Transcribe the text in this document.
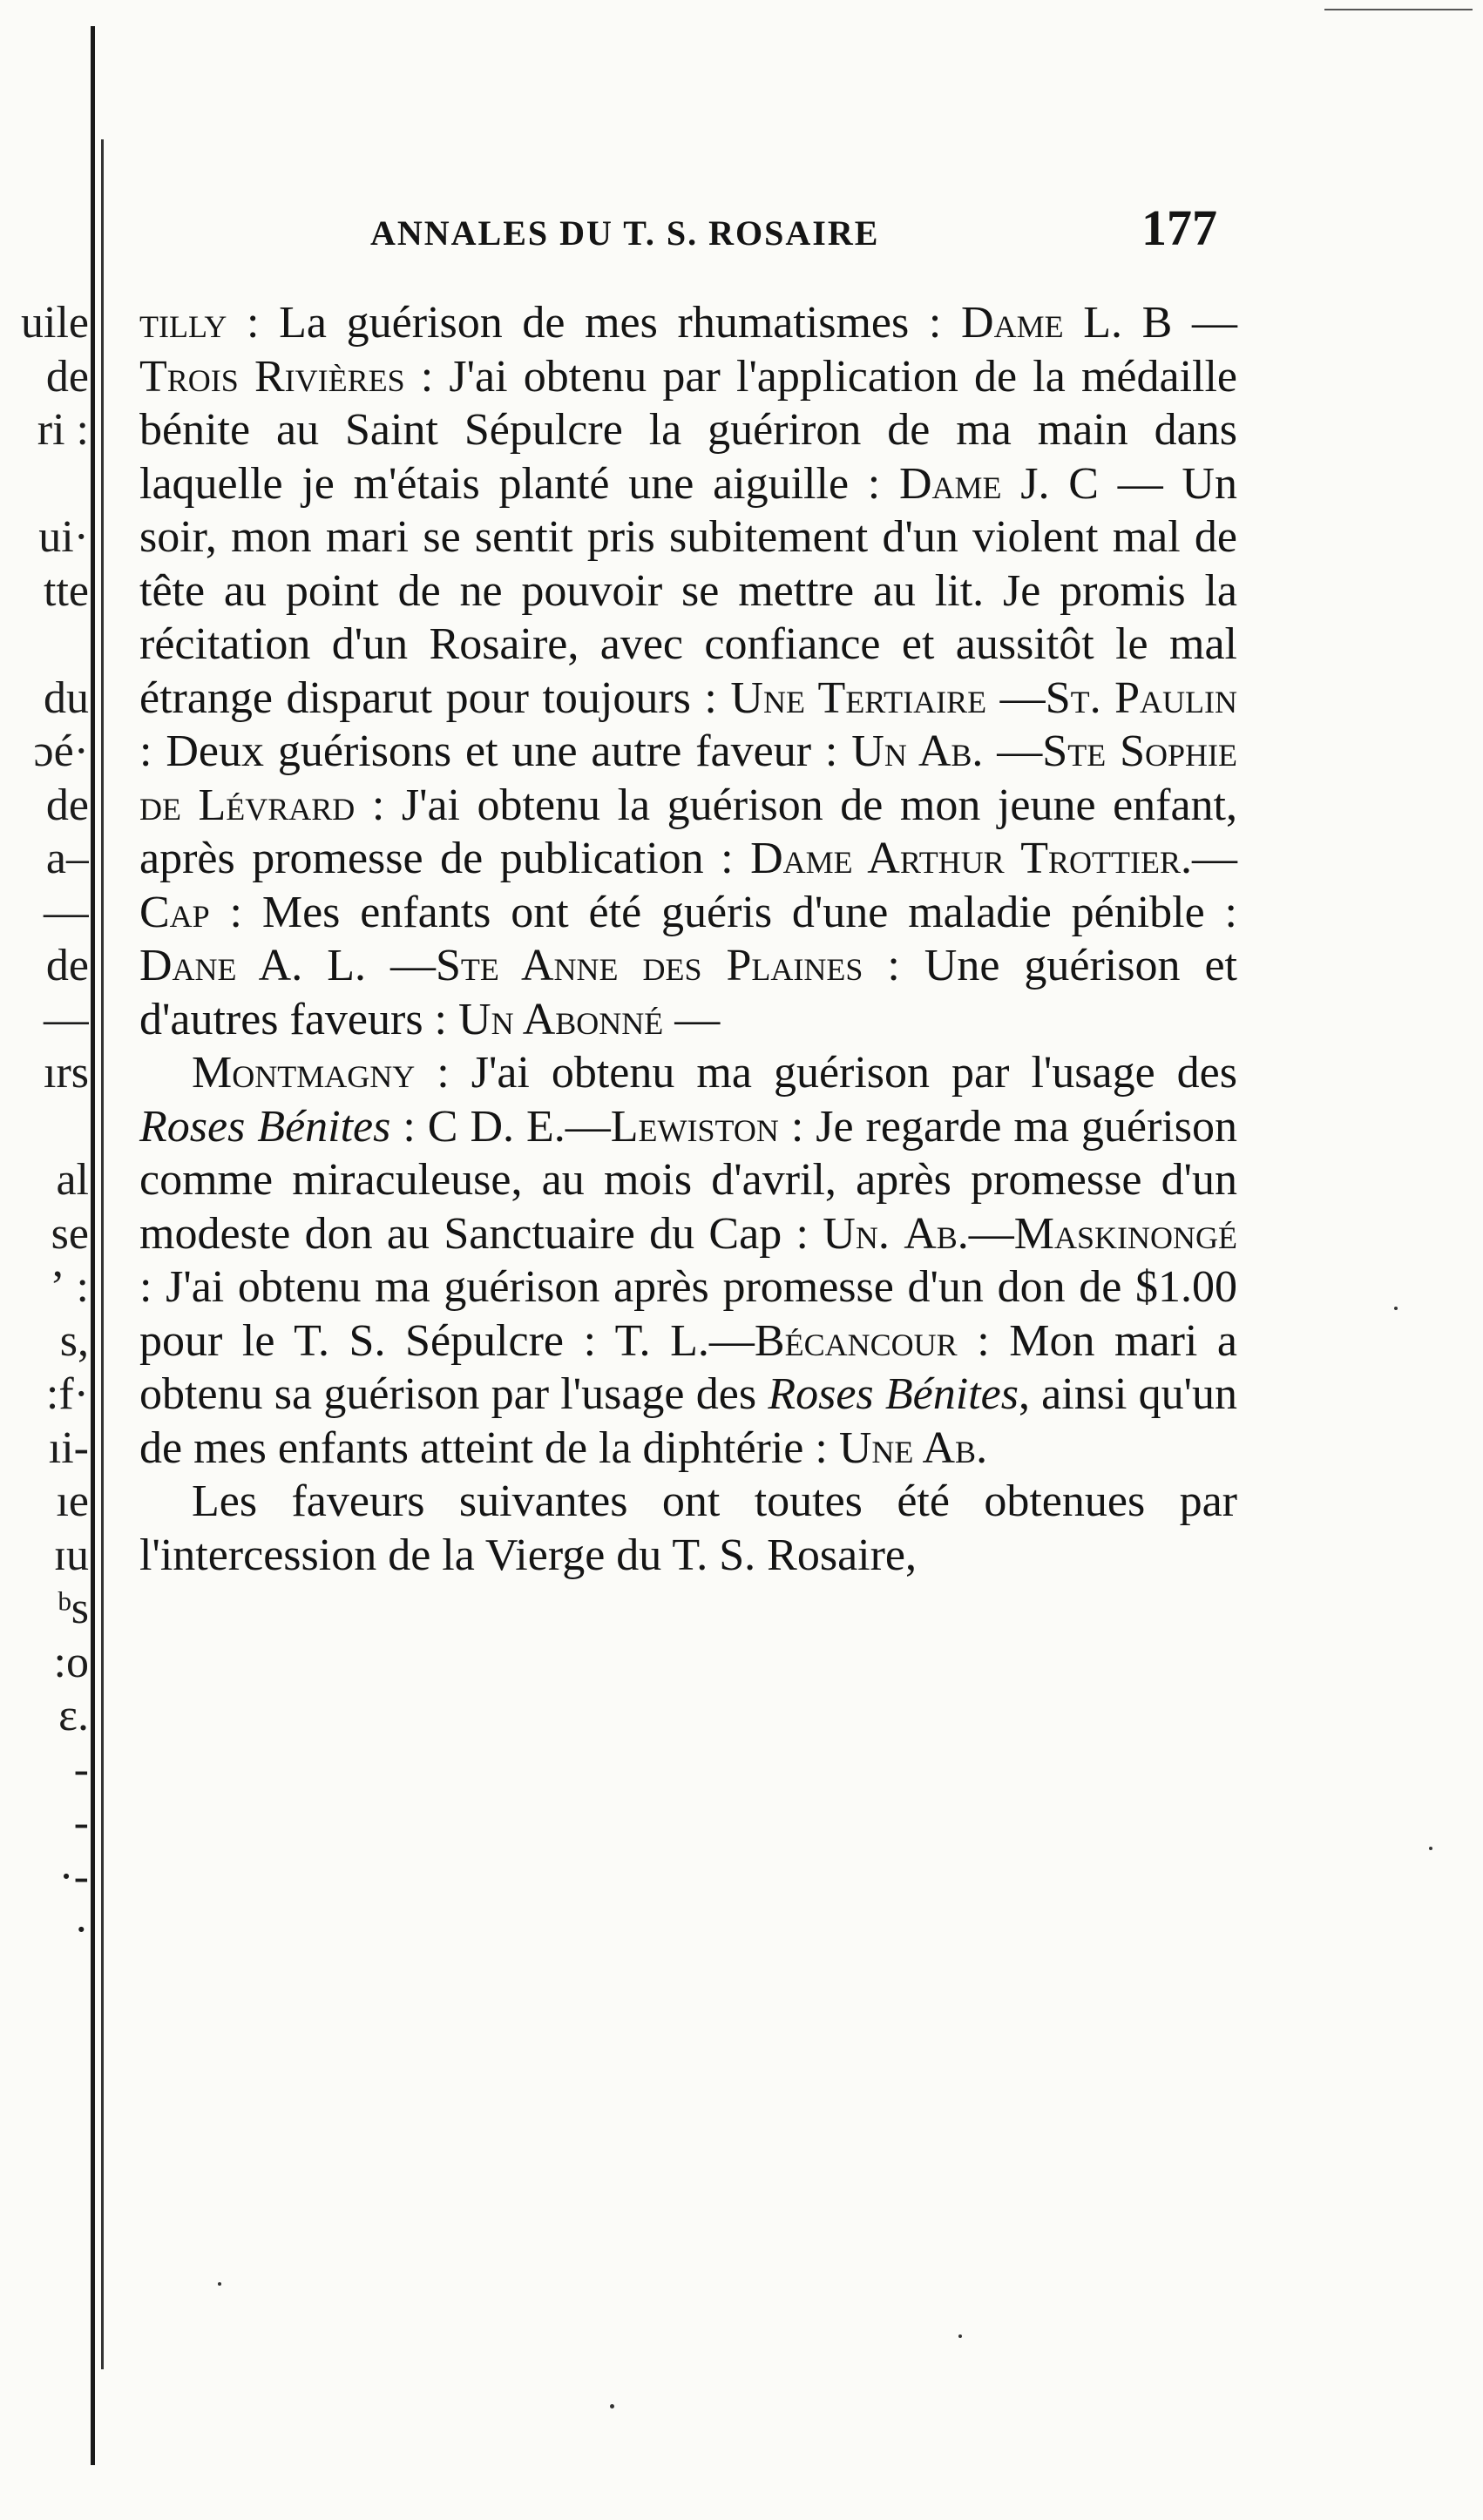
uile
de
ri :

ui·
tte

du
ɔé·
de
a–
—
de
—
ırs

al
se
ʼ :
s,
:f·
ıi-
ıe
ɪu
ᵇs
:o
ɛ.
-
‐
·‐
·
ANNALES DU T. S. ROSAIRE	177

tilly : La guérison de mes rhumatismes : Dame L. B —Trois Rivières : J'ai obtenu par l'application de la médaille bénite au Saint Sépulcre la guériron de ma main dans laquelle je m'étais planté une aiguille : Dame J. C — Un soir, mon mari se sentit pris subitement d'un violent mal de tête au point de ne pouvoir se mettre au lit. Je promis la récitation d'un Rosaire, avec confiance et aussitôt le mal étrange disparut pour toujours : Une Tertiaire —St. Paulin : Deux guérisons et une autre faveur : Un Ab. —Ste Sophie de Lévrard : J'ai obtenu la guérison de mon jeune enfant, après promesse de publication : Dame Arthur Trottier.—Cap : Mes enfants ont été guéris d'une maladie pénible : Dane A. L. —Ste Anne des Plaines : Une guérison et d'autres faveurs : Un Abonné —

Montmagny : J'ai obtenu ma guérison par l'usage des Roses Bénites : C D. E.—Lewiston : Je regarde ma guérison comme miraculeuse, au mois d'avril, après promesse d'un modeste don au Sanctuaire du Cap : Un. Ab.—Maskinongé : J'ai obtenu ma guérison après promesse d'un don de $1.00 pour le T. S. Sépulcre : T. L.—Bécancour : Mon mari a obtenu sa guérison par l'usage des Roses Bénites, ainsi qu'un de mes enfants atteint de la diphtérie : Une Ab.

Les faveurs suivantes ont toutes été obtenues par l'intercession de la Vierge du T. S. Rosaire,
